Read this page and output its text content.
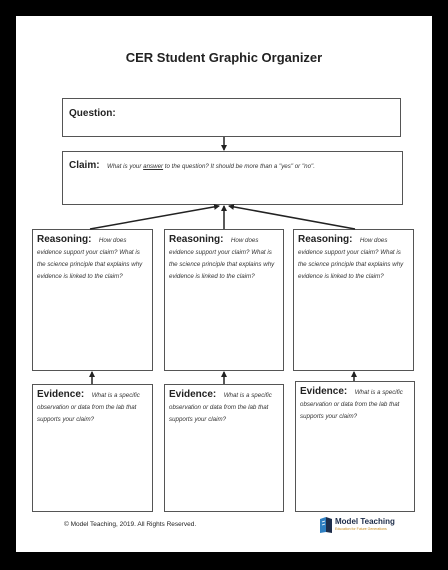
CER Student Graphic Organizer
Question:
Claim: What is your answer to the question? It should be more than a "yes" or "no".
Reasoning: How does evidence support your claim? What is the science principle that explains why evidence is linked to the claim?
Reasoning: How does evidence support your claim? What is the science principle that explains why evidence is linked to the claim?
Reasoning: How does evidence support your claim? What is the science principle that explains why evidence is linked to the claim?
Evidence: What is a specific observation or data from the lab that supports your claim?
Evidence: What is a specific observation or data from the lab that supports your claim?
Evidence: What is a specific observation or data from the lab that supports your claim?
© Model Teaching, 2019. All Rights Reserved.	Model Teaching
Education for Future Generations
